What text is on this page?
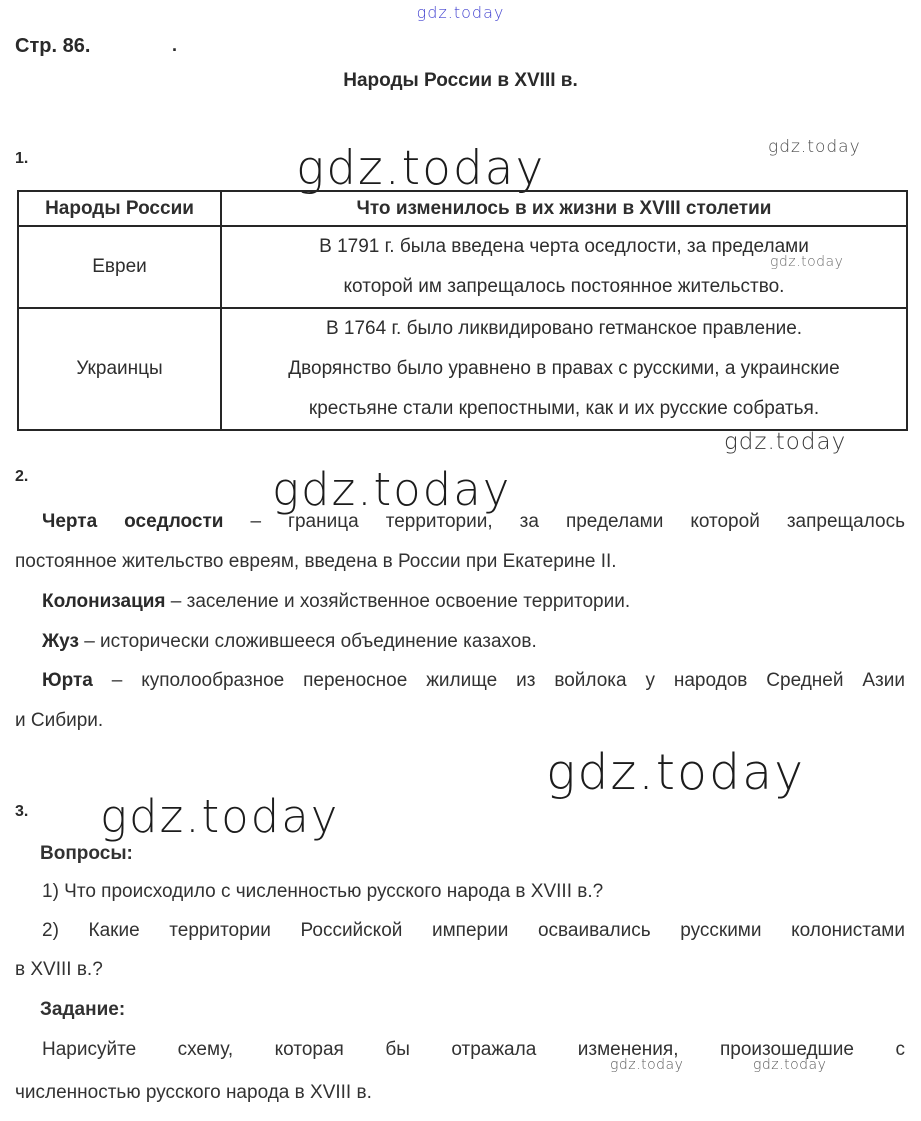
gdz.today
Стр. 86.	.
Народы России в XVIII в.
gdz.today
1.	gdz.today
Народы России	Что изменилось в их жизни в XVIII столетии
Евреи	В 1791 г. была введена черта оседлости, за пределами
которой им запрещалось постоянное жительство.

Украинцы	В 1764 г. было ликвидировано гетманское правление.
Дворянство было уравнено в правах с русскими, а украинские
крестьяне стали крепостными, как и их русские собратья.
gdz.today
gdz.today
2.	gdz.today
Черта оседлости – граница территории, за пределами которой запрещалось
постоянное жительство евреям, введена в России при Екатерине II.
Колонизация – заселение и хозяйственное освоение территории.
Жуз – исторически сложившееся объединение казахов.
Юрта – куполообразное переносное жилище из войлока у народов Средней Азии
и Сибири.
gdz.today
3. gdz.today
Вопросы:
1) Что происходило с численностью русского народа в XVIII в.?
2) Какие территории Российской империи осваивались русскими колонистами
в XVIII в.?
Задание:
Нарисуйте схему, которая бы отражала изменения, произошедшие с
численностью русского народа в XVIII в.
gdz.today	gdz.today
